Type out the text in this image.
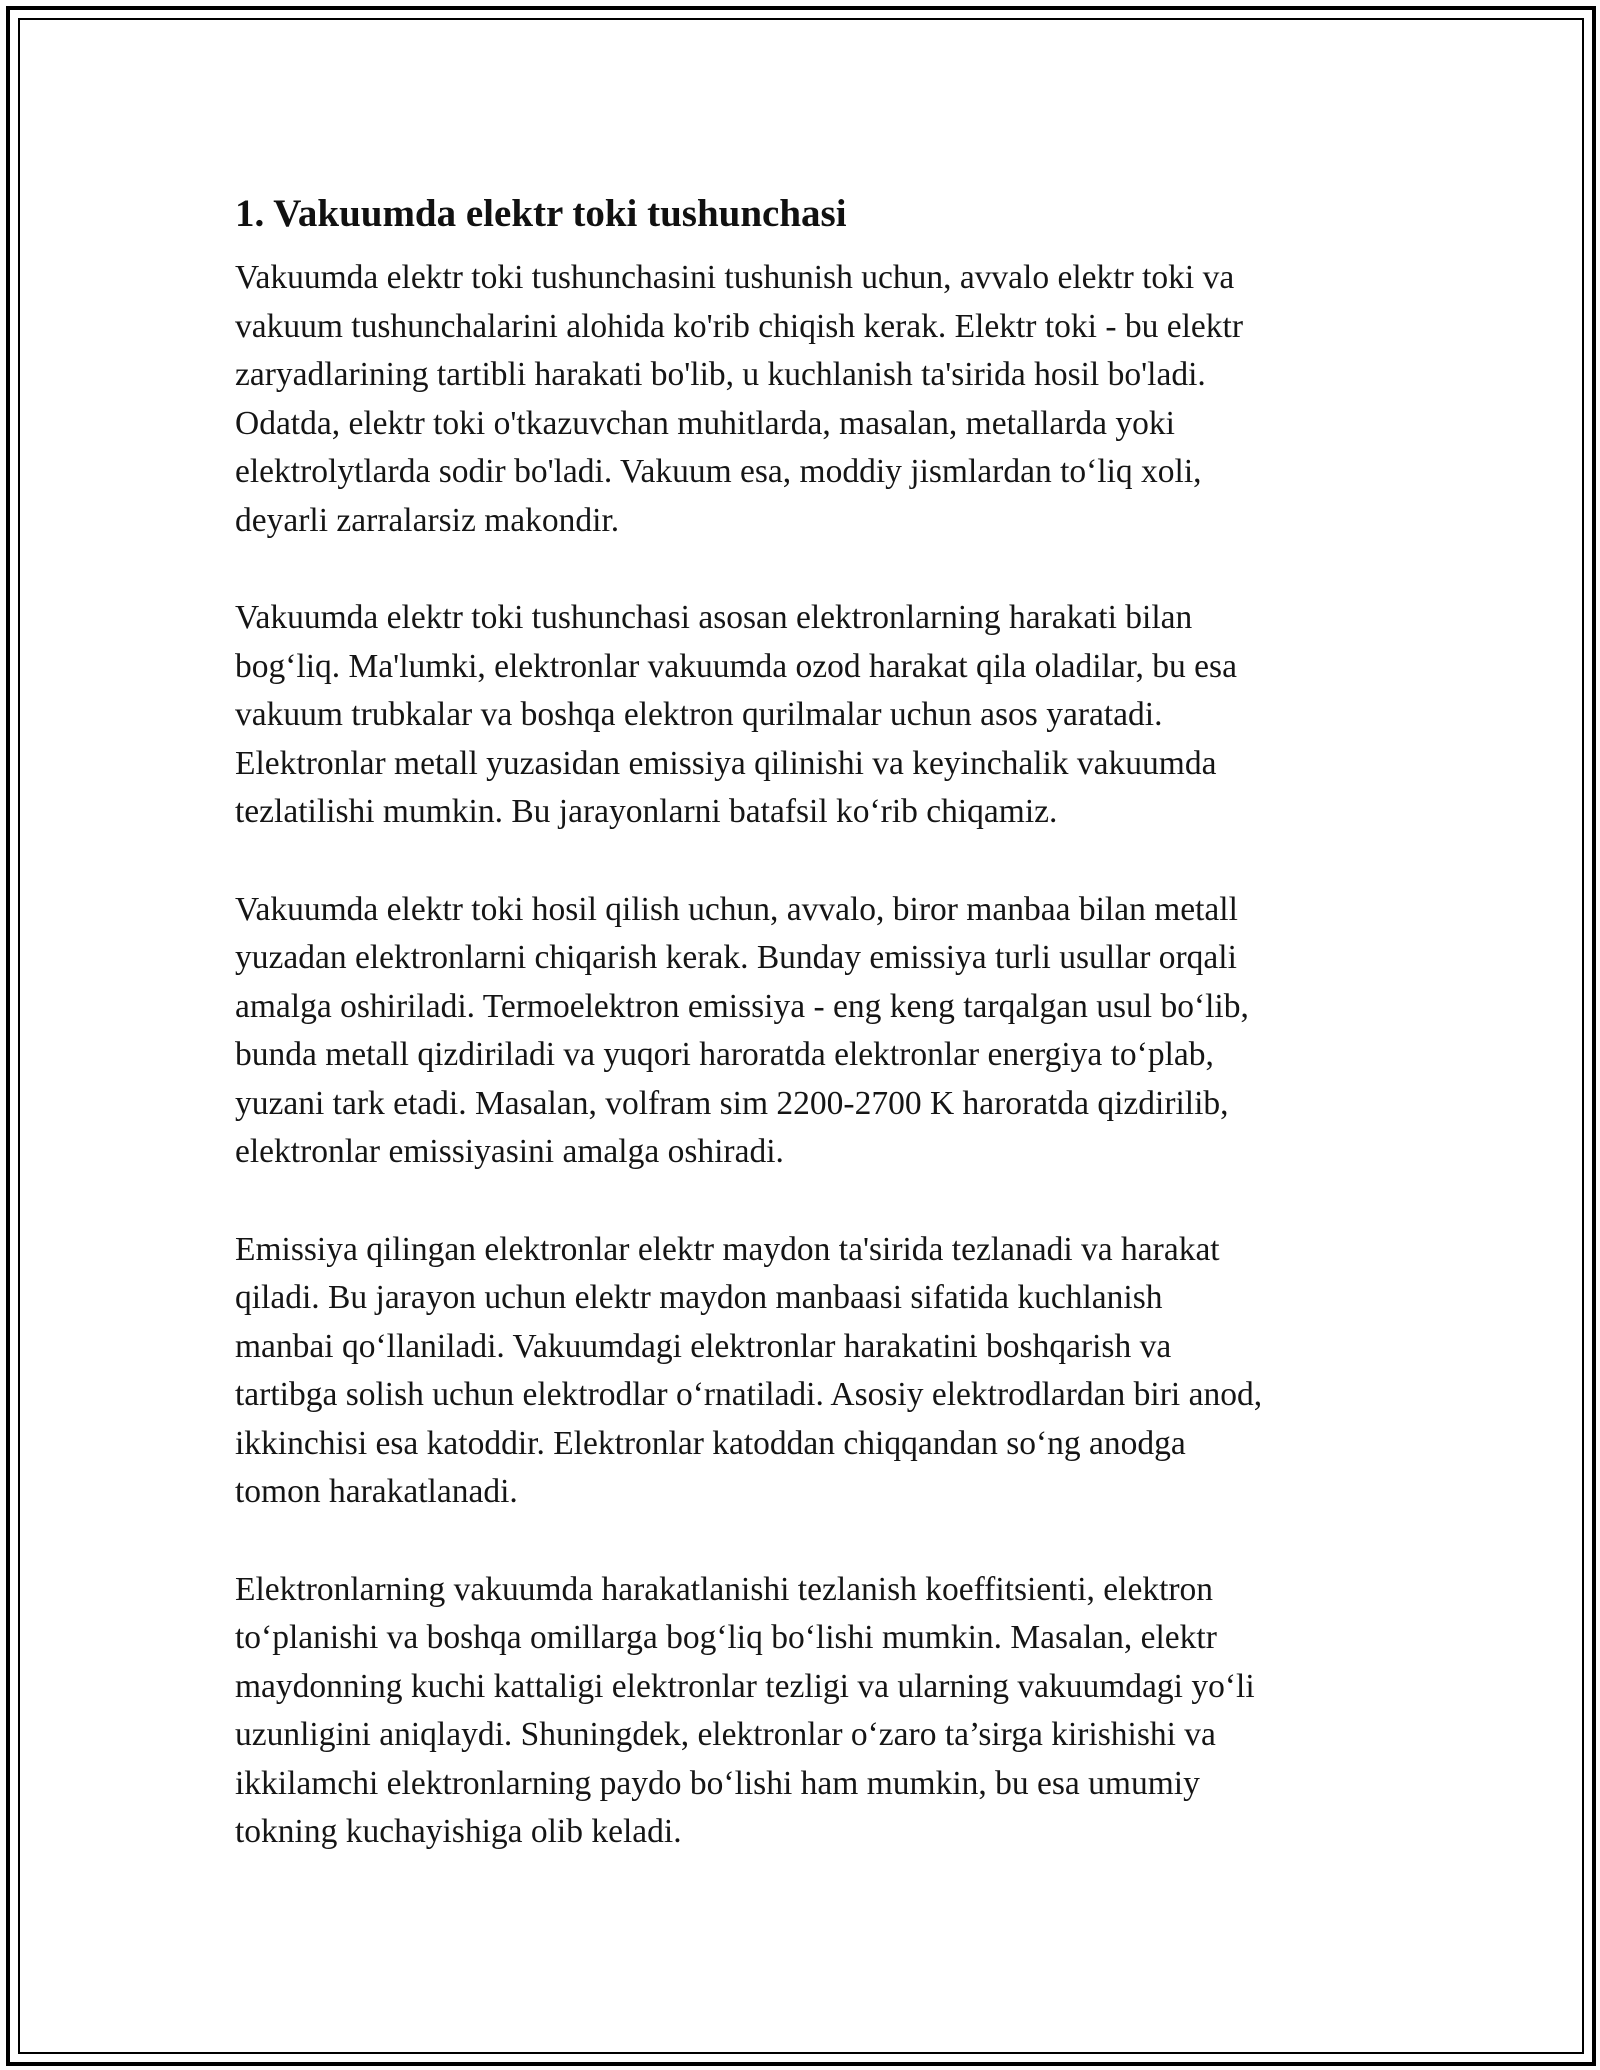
1. Vakuumda elektr toki tushunchasi

Vakuumda elektr toki tushunchasini tushunish uchun, avvalo elektr toki va
vakuum tushunchalarini alohida ko'rib chiqish kerak. Elektr toki - bu elektr
zaryadlarining tartibli harakati bo'lib, u kuchlanish ta'sirida hosil bo'ladi.
Odatda, elektr toki o'tkazuvchan muhitlarda, masalan, metallarda yoki
elektrolytlarda sodir bo'ladi. Vakuum esa, moddiy jismlardan to‘liq xoli,
deyarli zarralarsiz makondir.

Vakuumda elektr toki tushunchasi asosan elektronlarning harakati bilan
bog‘liq. Ma'lumki, elektronlar vakuumda ozod harakat qila oladilar, bu esa
vakuum trubkalar va boshqa elektron qurilmalar uchun asos yaratadi.
Elektronlar metall yuzasidan emissiya qilinishi va keyinchalik vakuumda
tezlatilishi mumkin. Bu jarayonlarni batafsil ko‘rib chiqamiz.

Vakuumda elektr toki hosil qilish uchun, avvalo, biror manbaa bilan metall
yuzadan elektronlarni chiqarish kerak. Bunday emissiya turli usullar orqali
amalga oshiriladi. Termoelektron emissiya - eng keng tarqalgan usul bo‘lib,
bunda metall qizdiriladi va yuqori haroratda elektronlar energiya to‘plab,
yuzani tark etadi. Masalan, volfram sim 2200-2700 K haroratda qizdirilib,
elektronlar emissiyasini amalga oshiradi.

Emissiya qilingan elektronlar elektr maydon ta'sirida tezlanadi va harakat
qiladi. Bu jarayon uchun elektr maydon manbaasi sifatida kuchlanish
manbai qo‘llaniladi. Vakuumdagi elektronlar harakatini boshqarish va
tartibga solish uchun elektrodlar o‘rnatiladi. Asosiy elektrodlardan biri anod,
ikkinchisi esa katoddir. Elektronlar katoddan chiqqandan so‘ng anodga
tomon harakatlanadi.

Elektronlarning vakuumda harakatlanishi tezlanish koeffitsienti, elektron
to‘planishi va boshqa omillarga bog‘liq bo‘lishi mumkin. Masalan, elektr
maydonning kuchi kattaligi elektronlar tezligi va ularning vakuumdagi yo‘li
uzunligini aniqlaydi. Shuningdek, elektronlar o‘zaro ta’sirga kirishishi va
ikkilamchi elektronlarning paydo bo‘lishi ham mumkin, bu esa umumiy
tokning kuchayishiga olib keladi.
